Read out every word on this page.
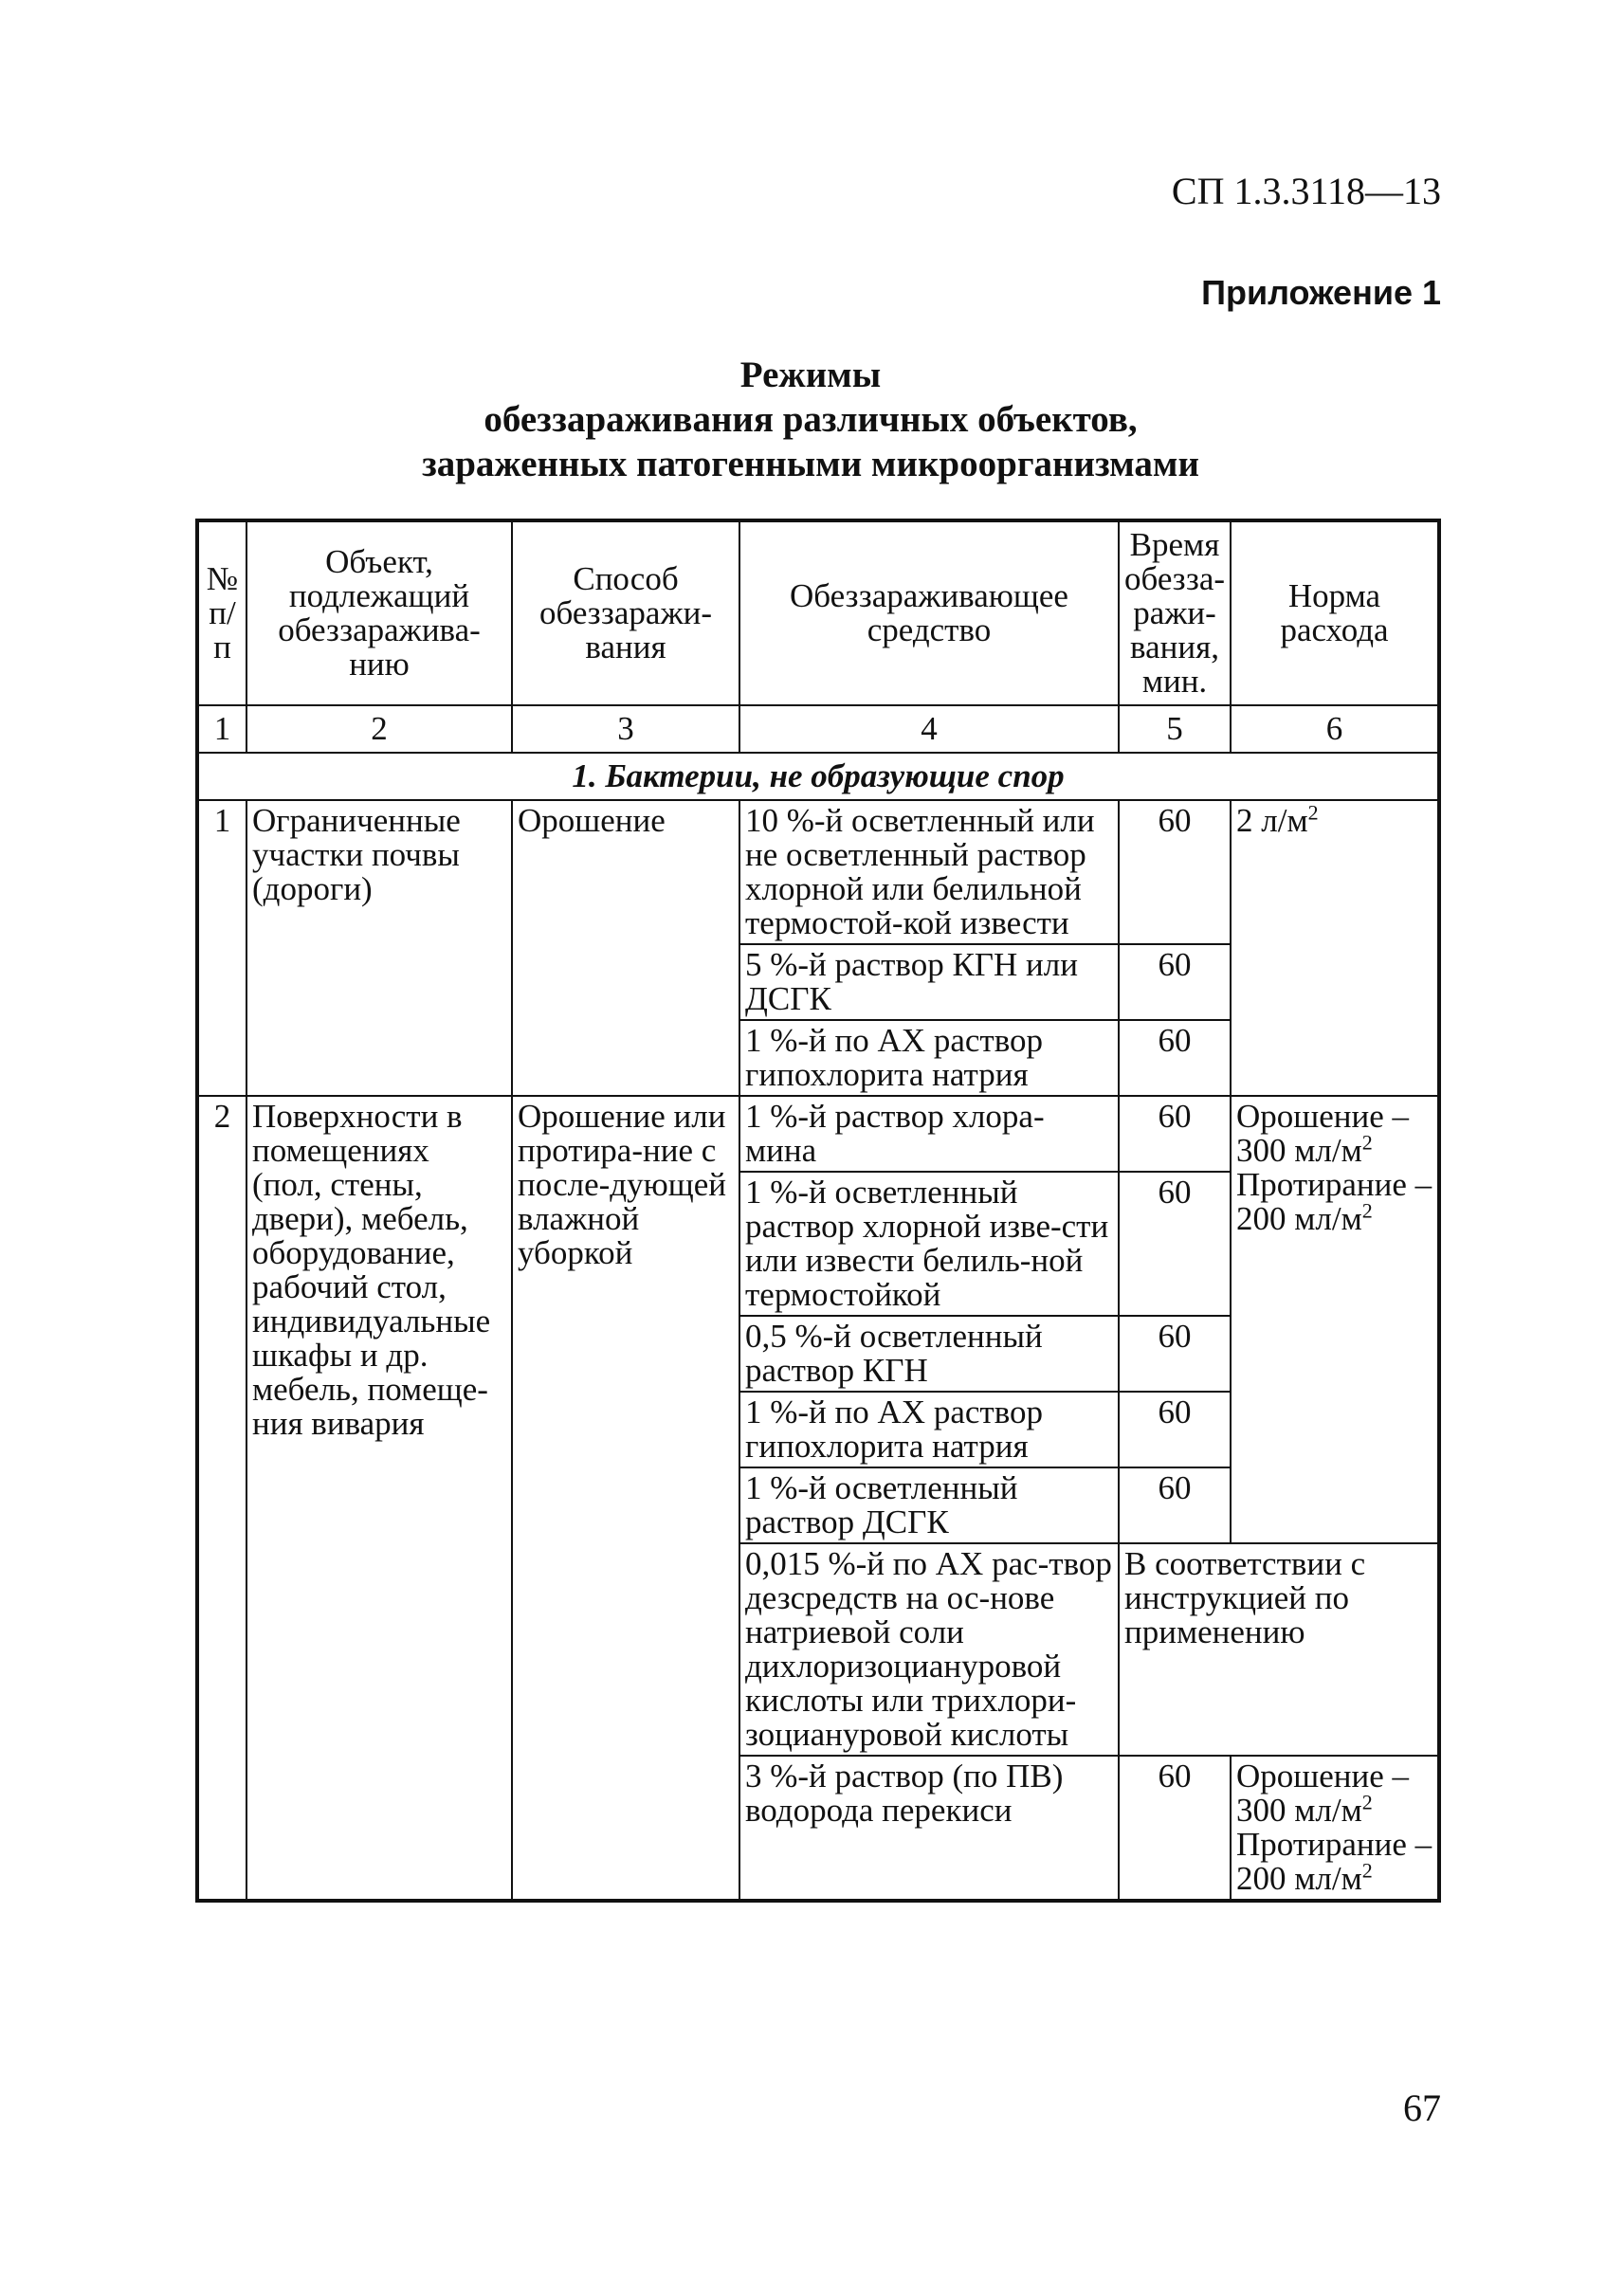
СП 1.3.3118—13
Приложение 1
Режимы
обеззараживания различных объектов,
зараженных патогенными микроорганизмами
№ п/п	Объект, подлежащий обеззаражива-нию	Способ обеззаражи-вания	Обеззараживающее средство	Время обезза-ражи-вания, мин.	Норма расхода
1	2	3	4	5	6
1. Бактерии, не образующие спор					
1	Ограниченные участки почвы (дороги)	Орошение	10 %-й осветленный или не осветленный раствор хлорной или белильной термостой-кой извести	60	2 $л/м^2$
			5 %-й раствор КГН или ДСГК	60	
			1 %-й по АХ раствор гипохлорита натрия	60	
2	Поверхности в помещениях (пол, стены, двери), мебель, оборудование, рабочий стол, индивидуальные шкафы и др. мебель, помеще-ния вивария	Орошение или протира-ние с после-дующей влажной уборкой	1 %-й раствор хлора-мина	60	Орошение – 300 $мл/м^2$ Протирание – 200 $мл/м^2$
			1 %-й осветленный раствор хлорной изве-сти или извести белиль-ной термостойкой	60	
			0,5 %-й осветленный раствор КГН	60	
			1 %-й по АХ раствор гипохлорита натрия	60	
			1 %-й осветленный раствор ДСГК	60	
			0,015 %-й по АХ рас-твор дезсредств на ос-нове натриевой соли дихлоризоциануровой кислоты или трихлори-зоциануровой кислоты	В соответствии с инструкцией по применению	
			3 %-й раствор (по ПВ) водорода перекиси	60	Орошение – 300 $мл/м^2$ Протирание – 200 $мл/м^2$
67
